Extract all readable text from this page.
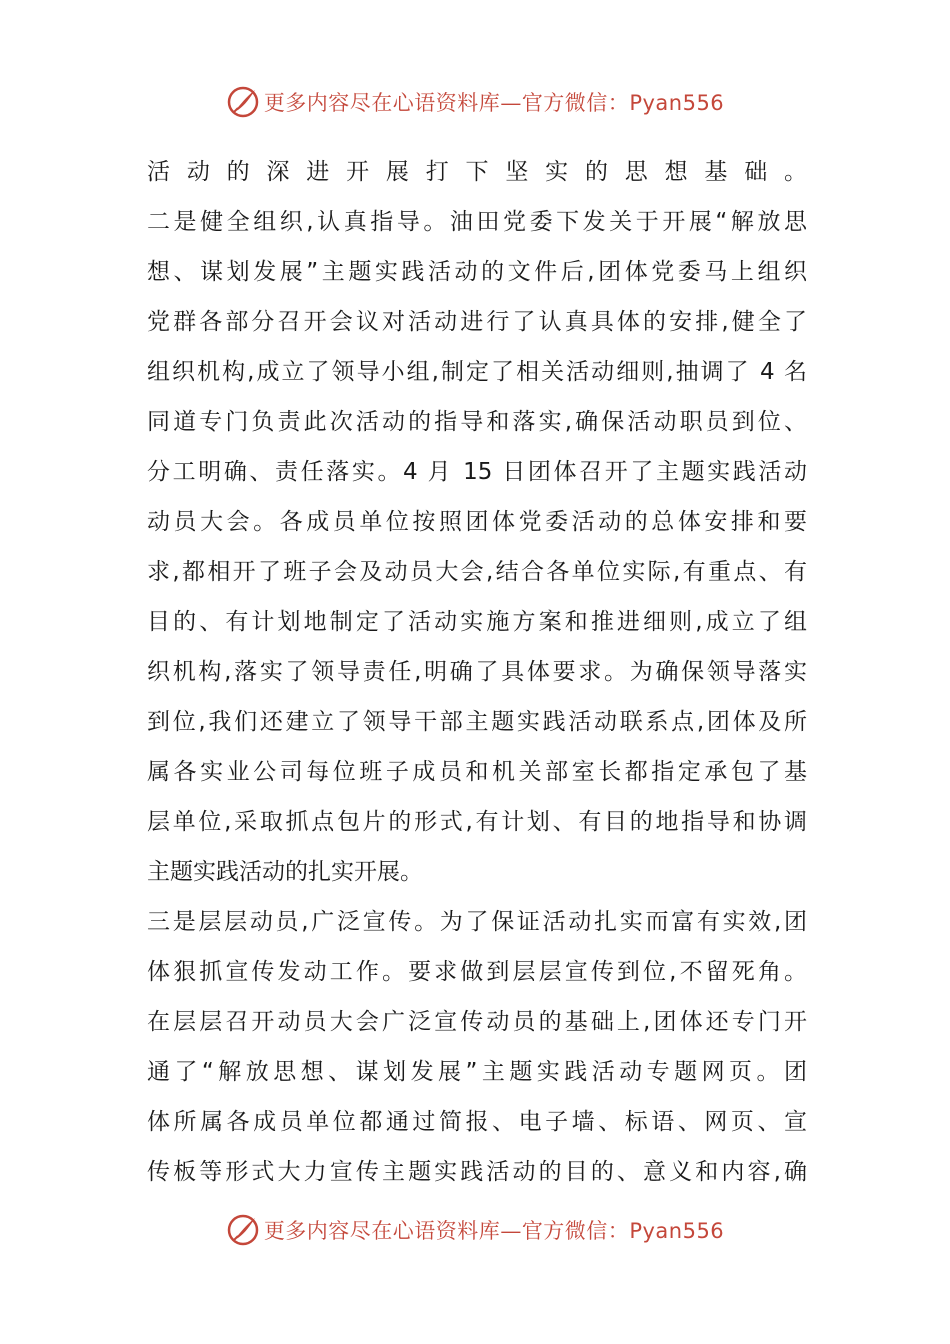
更多内容尽在心语资料库—官方微信：Pyan556
活动的深进开展打下坚实的思想基础。
二是健全组织,认真指导。油田党委下发关于开展“解放思
想、谋划发展”主题实践活动的文件后,团体党委马上组织
党群各部分召开会议对活动进行了认真具体的安排,健全了
组织机构,成立了领导小组,制定了相关活动细则,抽调了 4 名
同道专门负责此次活动的指导和落实,确保活动职员到位、
分工明确、责任落实。4 月 15 日团体召开了主题实践活动
动员大会。各成员单位按照团体党委活动的总体安排和要
求,都相开了班子会及动员大会,结合各单位实际,有重点、有
目的、有计划地制定了活动实施方案和推进细则,成立了组
织机构,落实了领导责任,明确了具体要求。为确保领导落实
到位,我们还建立了领导干部主题实践活动联系点,团体及所
属各实业公司每位班子成员和机关部室长都指定承包了基
层单位,采取抓点包片的形式,有计划、有目的地指导和协调
主题实践活动的扎实开展。
三是层层动员,广泛宣传。为了保证活动扎实而富有实效,团
体狠抓宣传发动工作。要求做到层层宣传到位,不留死角。
在层层召开动员大会广泛宣传动员的基础上,团体还专门开
通了“解放思想、谋划发展”主题实践活动专题网页。团
体所属各成员单位都通过简报、电子墙、标语、网页、宣
传板等形式大力宣传主题实践活动的目的、意义和内容,确
更多内容尽在心语资料库—官方微信：Pyan556
